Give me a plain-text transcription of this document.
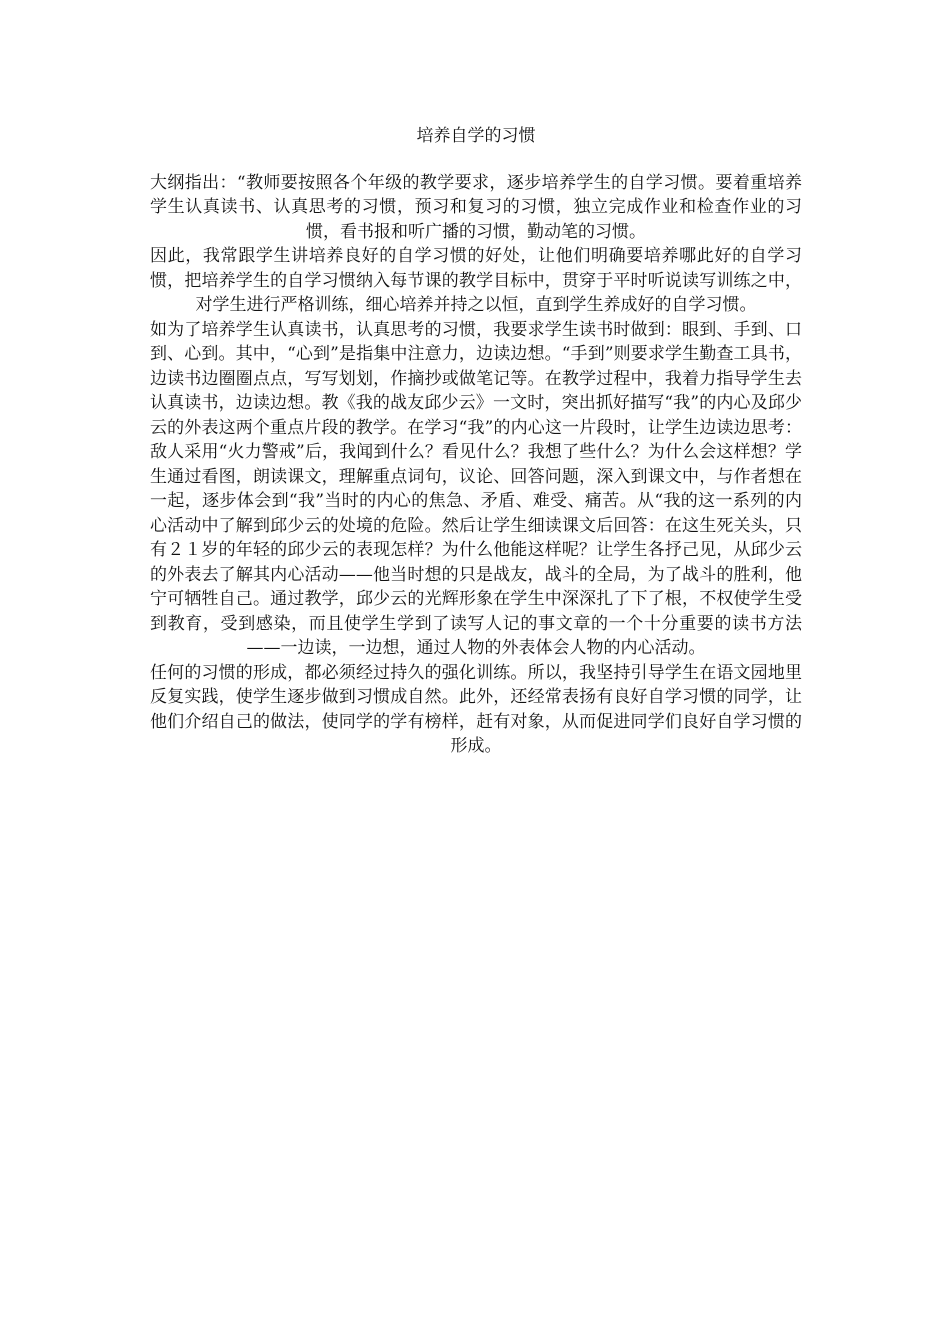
培养自学的习惯

大纲指出：“教师要按照各个年级的教学要求，逐步培养学生的自学习惯。要着重培养学生认真读书、认真思考的习惯，预习和复习的习惯，独立完成作业和检查作业的习惯，看书报和听广播的习惯，勤动笔的习惯。

因此，我常跟学生讲培养良好的自学习惯的好处，让他们明确要培养哪此好的自学习惯，把培养学生的自学习惯纳入每节课的教学目标中，贯穿于平时听说读写训练之中，对学生进行严格训练，细心培养并持之以恒，直到学生养成好的自学习惯。

如为了培养学生认真读书，认真思考的习惯，我要求学生读书时做到：眼到、手到、口到、心到。其中，“心到”是指集中注意力，边读边想。“手到”则要求学生勤查工具书，边读书边圈圈点点，写写划划，作摘抄或做笔记等。在教学过程中，我着力指导学生去认真读书，边读边想。教《我的战友邱少云》一文时，突出抓好描写“我”的内心及邱少云的外表这两个重点片段的教学。在学习“我”的内心这一片段时，让学生边读边思考：敌人采用“火力警戒”后，我闻到什么？看见什么？我想了些什么？为什么会这样想？学生通过看图，朗读课文，理解重点词句，议论、回答问题，深入到课文中，与作者想在一起，逐步体会到“我”当时的内心的焦急、矛盾、难受、痛苦。从“我的这一系列的内心活动中了解到邱少云的处境的危险。然后让学生细读课文后回答：在这生死关头，只有２１岁的年轻的邱少云的表现怎样？为什么他能这样呢？让学生各抒己见，从邱少云的外表去了解其内心活动——他当时想的只是战友，战斗的全局，为了战斗的胜利，他宁可牺牲自己。通过教学，邱少云的光辉形象在学生中深深扎了下了根，不权使学生受到教育，受到感染，而且使学生学到了读写人记的事文章的一个十分重要的读书方法——一边读，一边想，通过人物的外表体会人物的内心活动。

任何的习惯的形成，都必须经过持久的强化训练。所以，我坚持引导学生在语文园地里反复实践，使学生逐步做到习惯成自然。此外，还经常表扬有良好自学习惯的同学，让他们介绍自己的做法，使同学的学有榜样，赶有对象，从而促进同学们良好自学习惯的形成。
